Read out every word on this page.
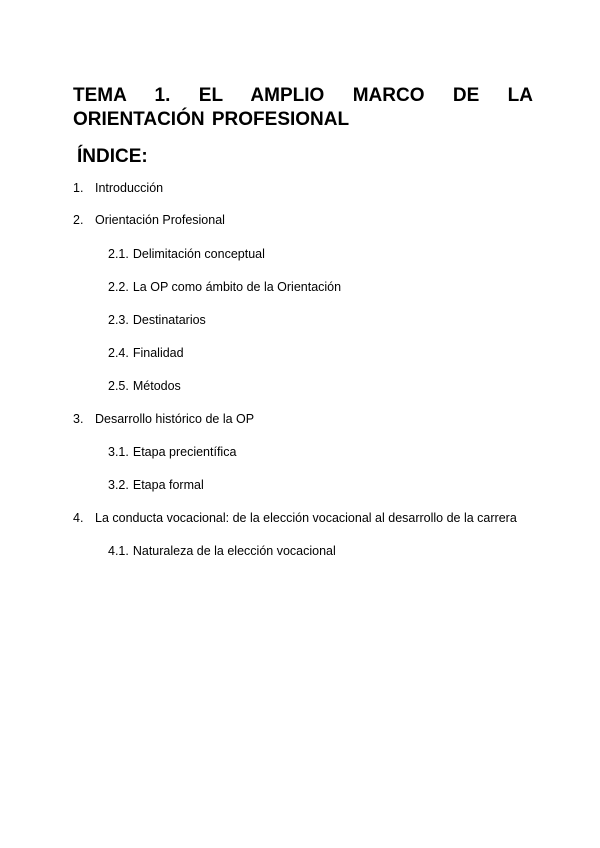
TEMA 1. EL AMPLIO MARCO DE LA ORIENTACIÓN PROFESIONAL
ÍNDICE:
1. Introducción
2. Orientación Profesional
2.1. Delimitación conceptual
2.2. La OP como ámbito de la Orientación
2.3. Destinatarios
2.4. Finalidad
2.5. Métodos
3. Desarrollo histórico de la OP
3.1. Etapa precientífica
3.2. Etapa formal
4. La conducta vocacional: de la elección vocacional al desarrollo de la carrera
4.1. Naturaleza de la elección vocacional
